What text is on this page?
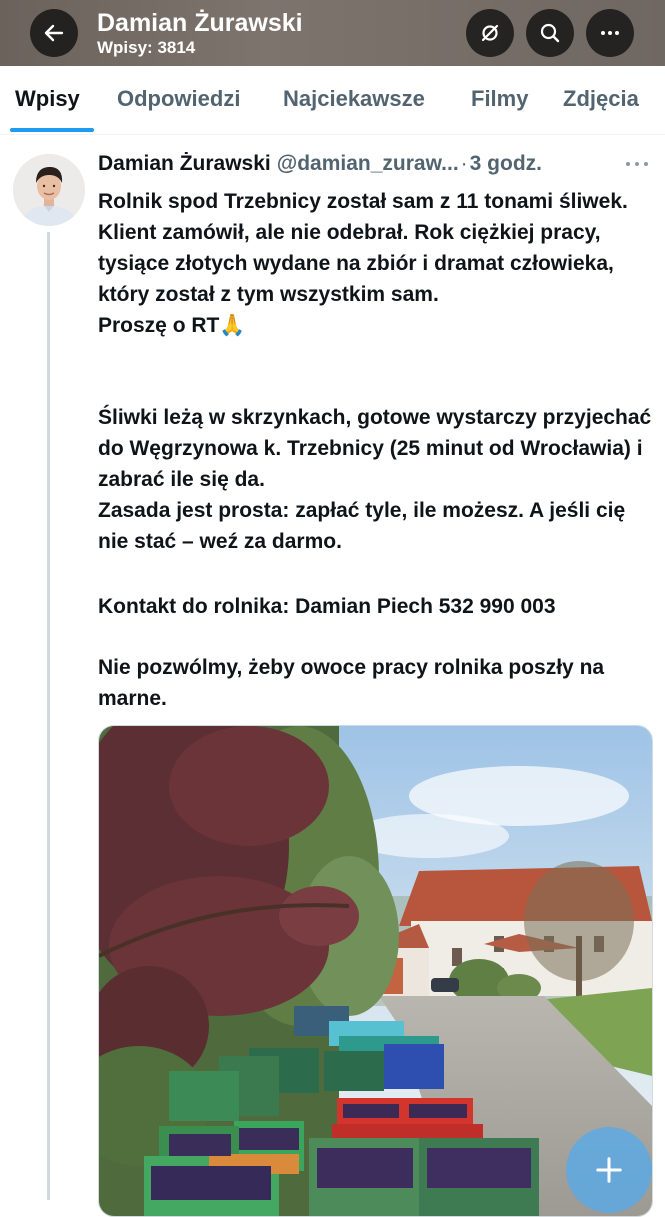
Damian Żurawski
Wpisy: 3814
Wpisy Odpowiedzi Najciekawsze Filmy Zdjęcia
Damian Żurawski @damian_zuraw...·3 godz.
Rolnik spod Trzebnicy został sam z 11 tonami śliwek. Klient zamówił, ale nie odebrał. Rok ciężkiej pracy, tysiące złotych wydane na zbiór i dramat człowieka, który został z tym wszystkim sam.
Proszę o RT🙏
Śliwki leżą w skrzynkach, gotowe wystarczy przyjechać do Węgrzynowa k. Trzebnicy (25 minut od Wrocławia) i zabrać ile się da.
Zasada jest prosta: zapłać tyle, ile możesz. A jeśli cię nie stać – weź za darmo.
Kontakt do rolnika: Damian Piech 532 990 003
Nie pozwólmy, żeby owoce pracy rolnika poszły na marne.
